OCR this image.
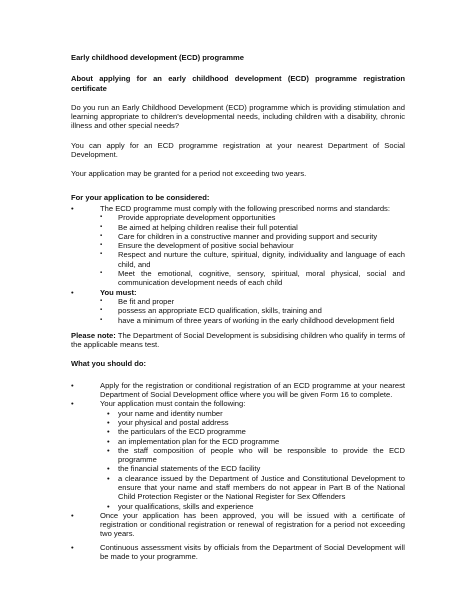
Early childhood development (ECD) programme
About applying for an early childhood development (ECD) programme registration certificate

Do you run an Early Childhood Development (ECD) programme which is providing stimulation and learning appropriate to children’s developmental needs, including children with a disability, chronic illness and other special needs?

You can apply for an ECD programme registration at your nearest Department of Social Development.

Your application may be granted for a period not exceeding two years.

For your application to be considered:
•	The ECD programme must comply with the following prescribed norms and standards:
▪ Provide appropriate development opportunities
▪ Be aimed at helping children realise their full potential
▪ Care for children in a constructive manner and providing support and security
▪ Ensure the development of positive social behaviour
▪ Respect and nurture the culture, spiritual, dignity, individuality and language of each child, and
▪ Meet the emotional, cognitive, sensory, spiritual, moral physical, social and communication development needs of each child
•	You must:
▪ Be fit and proper
▪ possess an appropriate ECD qualification, skills, training and
▪ have a minimum of three years of working in the early childhood development field

Please note: The Department of Social Development is subsidising children who qualify in terms of the applicable means test.

What you should do:
•	Apply for the registration or conditional registration of an ECD programme at your nearest Department of Social Development office where you will be given Form 16 to complete.
•	Your application must contain the following:
• your name and identity number
• your physical and postal address
• the particulars of the ECD programme
• an implementation plan for the ECD programme
• the staff composition of people who will be responsible to provide the ECD programme
• the financial statements of the ECD facility
• a clearance issued by the Department of Justice and Constitutional Development to ensure that your name and staff members do not appear in Part B of the National Child Protection Register or the National Register for Sex Offenders
• your qualifications, skills and experience
•	Once your application has been approved, you will be issued with a certificate of registration or conditional registration or renewal of registration for a period not exceeding two years.
•	Continuous assessment visits by officials from the Department of Social Development will be made to your programme.
